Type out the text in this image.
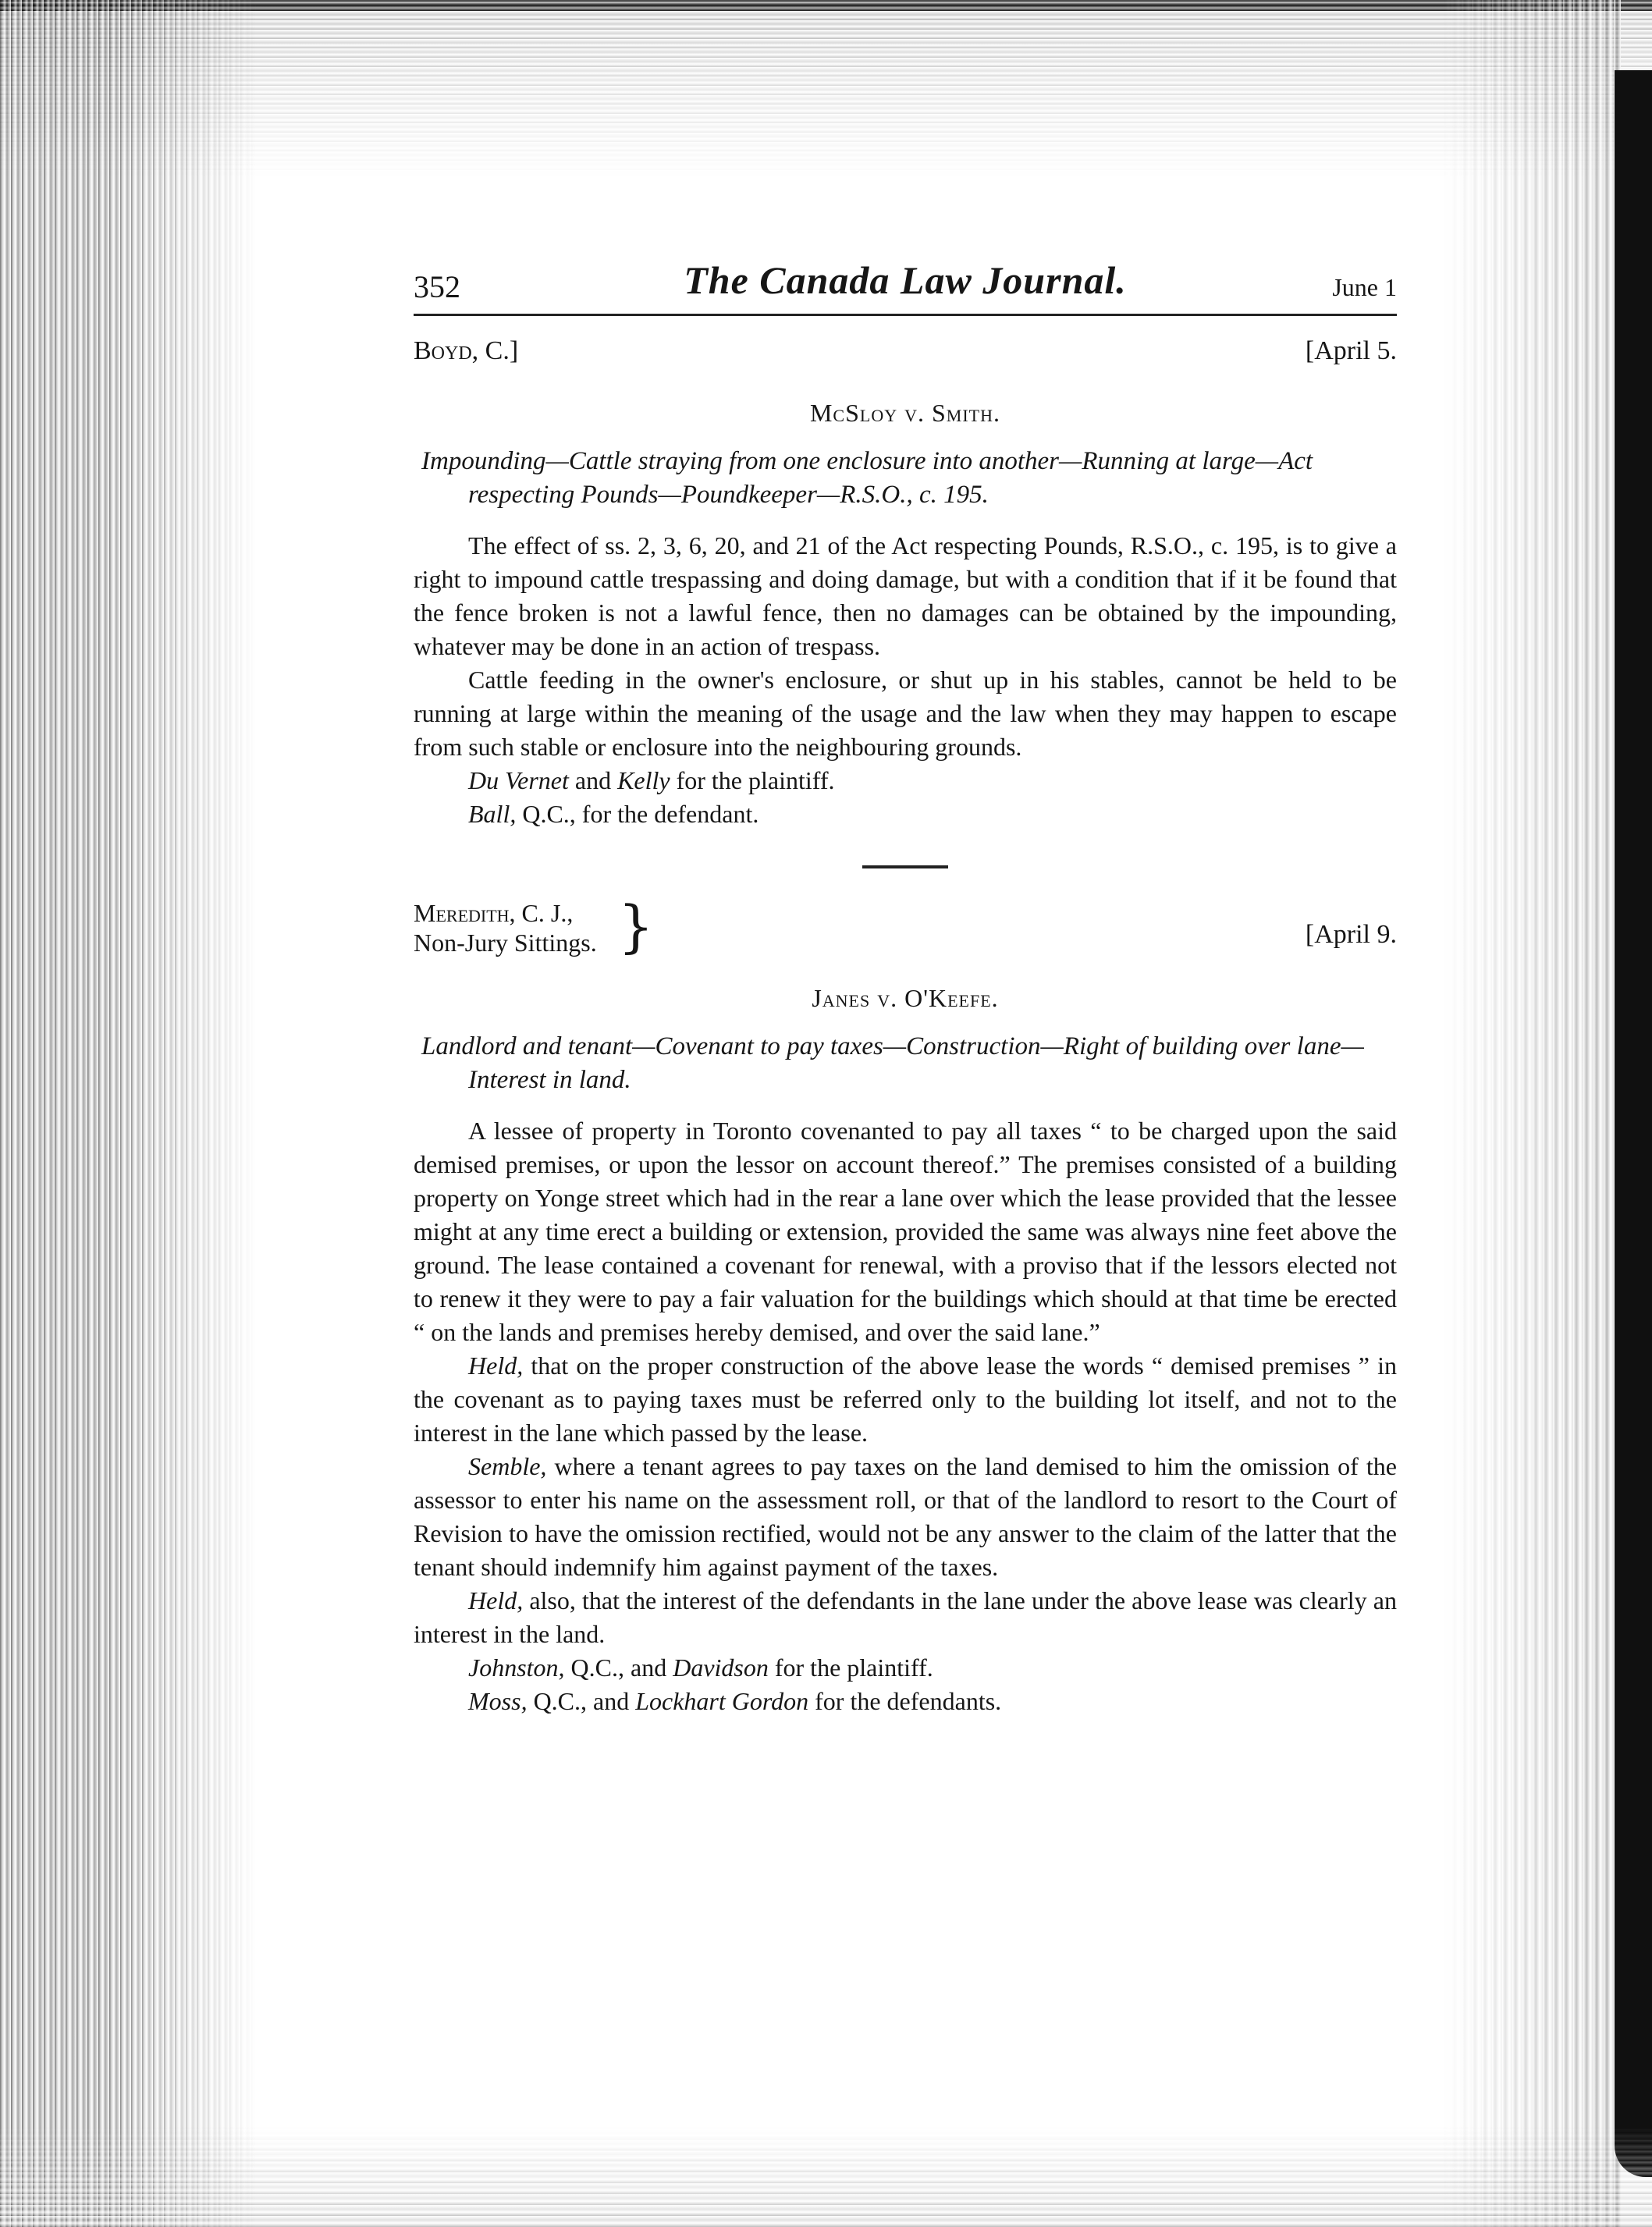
352	The Canada Law Journal.	June 1
Boyd, C.]	[April 5.
McSloy v. Smith.

Impounding—Cattle straying from one enclosure into another—Running at large—Act respecting Pounds—Poundkeeper—R.S.O., c. 195.

The effect of ss. 2, 3, 6, 20, and 21 of the Act respecting Pounds, R.S.O., c. 195, is to give a right to impound cattle trespassing and doing damage, but with a condition that if it be found that the fence broken is not a lawful fence, then no damages can be obtained by the impounding, whatever may be done in an action of trespass.

Cattle feeding in the owner's enclosure, or shut up in his stables, cannot be held to be running at large within the meaning of the usage and the law when they may happen to escape from such stable or enclosure into the neighbouring grounds.

Du Vernet and Kelly for the plaintiff.

Ball, Q.C., for the defendant.

Meredith, C. J.,
Non-Jury Sittings. }	[April 9.
Janes v. O'Keefe.

Landlord and tenant—Covenant to pay taxes—Construction—Right of building over lane—Interest in land.

A lessee of property in Toronto covenanted to pay all taxes “ to be charged upon the said demised premises, or upon the lessor on account thereof.” The premises consisted of a building property on Yonge street which had in the rear a lane over which the lease provided that the lessee might at any time erect a building or extension, provided the same was always nine feet above the ground. The lease contained a covenant for renewal, with a proviso that if the lessors elected not to renew it they were to pay a fair valuation for the buildings which should at that time be erected “ on the lands and premises hereby demised, and over the said lane.”

Held, that on the proper construction of the above lease the words “ demised premises ” in the covenant as to paying taxes must be referred only to the building lot itself, and not to the interest in the lane which passed by the lease.

Semble, where a tenant agrees to pay taxes on the land demised to him the omission of the assessor to enter his name on the assessment roll, or that of the landlord to resort to the Court of Revision to have the omission rectified, would not be any answer to the claim of the latter that the tenant should indemnify him against payment of the taxes.

Held, also, that the interest of the defendants in the lane under the above lease was clearly an interest in the land.

Johnston, Q.C., and Davidson for the plaintiff.

Moss, Q.C., and Lockhart Gordon for the defendants.
